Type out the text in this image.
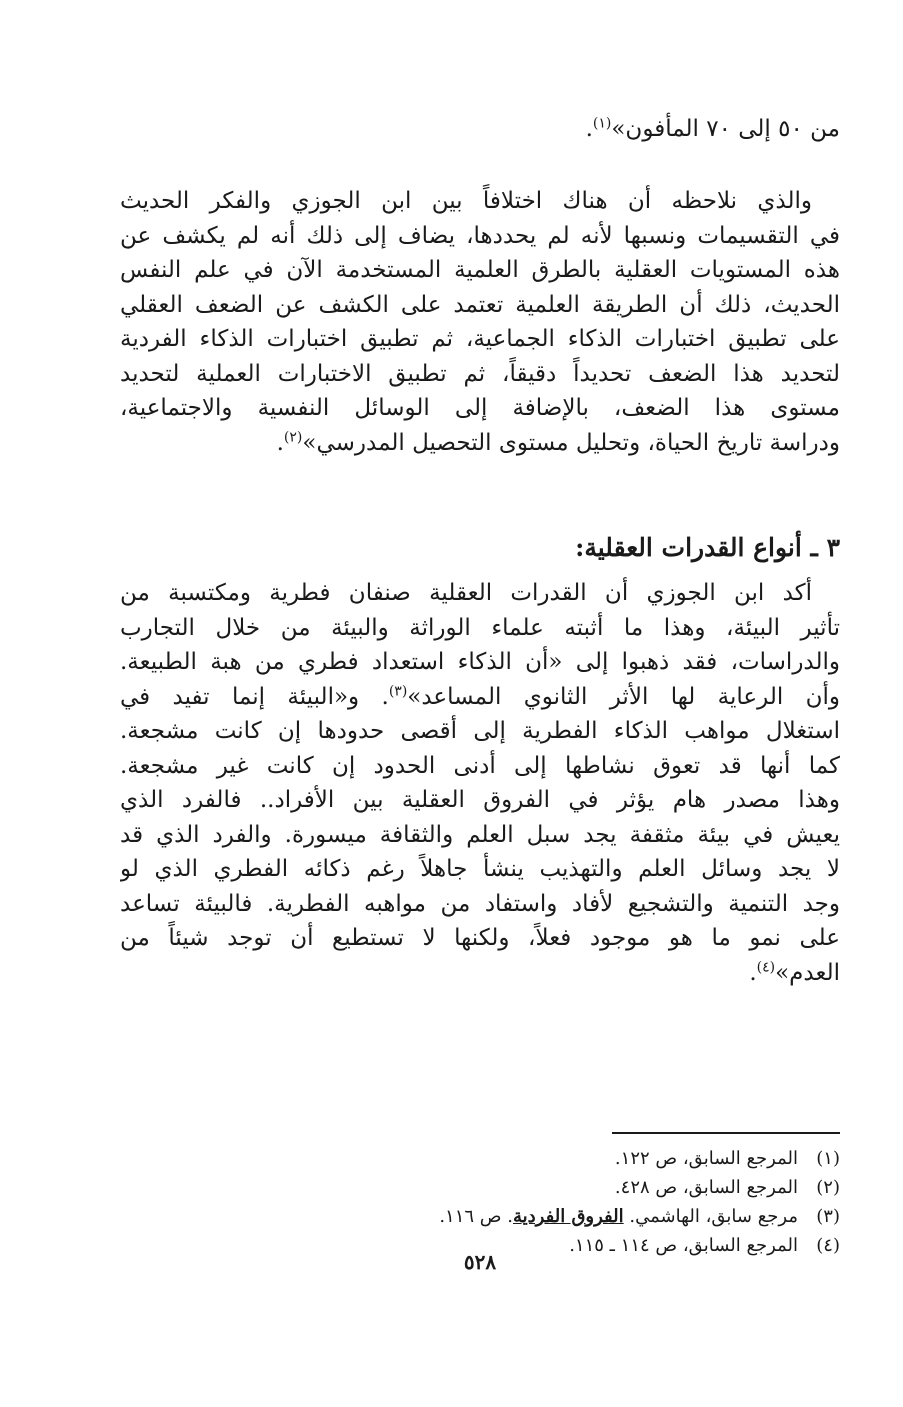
من ٥٠ إلى ٧٠ المأفون»$^{(١)}$.

والذي نلاحظه أن هناك اختلافاً بين ابن الجوزي والفكر الحديث
في التقسيمات ونسبها لأنه لم يحددها، يضاف إلى ذلك أنه لم يكشف عن
هذه المستويات العقلية بالطرق العلمية المستخدمة الآن في علم النفس
الحديث، ذلك أن الطريقة العلمية تعتمد على الكشف عن الضعف العقلي
على تطبيق اختبارات الذكاء الجماعية، ثم تطبيق اختبارات الذكاء الفردية
لتحديد هذا الضعف تحديداً دقيقاً، ثم تطبيق الاختبارات العملية لتحديد
مستوى هذا الضعف، بالإضافة إلى الوسائل النفسية والاجتماعية،
ودراسة تاريخ الحياة، وتحليل مستوى التحصيل المدرسي»$^{(٢)}$.

٣ ـ أنواع القدرات العقلية:

أكد ابن الجوزي أن القدرات العقلية صنفان فطرية ومكتسبة من
تأثير البيئة، وهذا ما أثبته علماء الوراثة والبيئة من خلال التجارب
والدراسات، فقد ذهبوا إلى «أن الذكاء استعداد فطري من هبة الطبيعة.
وأن الرعاية لها الأثر الثانوي المساعد»$^{(٣)}$. و«البيئة إنما تفيد في
استغلال مواهب الذكاء الفطرية إلى أقصى حدودها إن كانت مشجعة.
كما أنها قد تعوق نشاطها إلى أدنى الحدود إن كانت غير مشجعة.
وهذا مصدر هام يؤثر في الفروق العقلية بين الأفراد.. فالفرد الذي
يعيش في بيئة مثقفة يجد سبل العلم والثقافة ميسورة. والفرد الذي قد
لا يجد وسائل العلم والتهذيب ينشأ جاهلاً رغم ذكائه الفطري الذي لو
وجد التنمية والتشجيع لأفاد واستفاد من مواهبه الفطرية. فالبيئة تساعد
على نمو ما هو موجود فعلاً، ولكنها لا تستطيع أن توجد شيئاً من
العدم»$^{(٤)}$.

(١)
المرجع السابق، ص ١٢٢.
(٢)
المرجع السابق، ص ٤٢٨.
(٣)
مرجع سابق، الهاشمي. الفروق الفردية. ص ١١٦.
(٤)
المرجع السابق، ص ١١٤ ـ ١١٥.
٥٢٨
